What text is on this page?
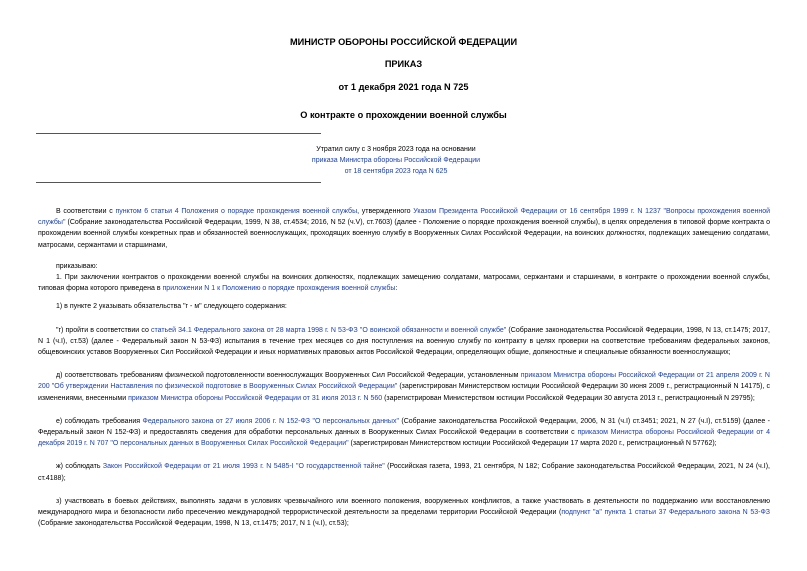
МИНИСТР ОБОРОНЫ РОССИЙСКОЙ ФЕДЕРАЦИИ
ПРИКАЗ
от 1 декабря 2021 года N 725
О контракте о прохождении военной службы
Утратил силу с 3 ноября 2023 года на основании
приказа Министра обороны Российской Федерации
от 18 сентября 2023 года N 625

В соответствии с пунктом 6 статьи 4 Положения о порядке прохождения военной службы, утвержденного Указом Президента Российской Федерации от 16 сентября 1999 г. N 1237 "Вопросы прохождения военной службы" (Собрание законодательства Российской Федерации, 1999, N 38, ст.4534; 2016, N 52 (ч.V), ст.7603) (далее - Положение о порядке прохождения военной службы), в целях определения в типовой форме контракта о прохождении военной службы конкретных прав и обязанностей военнослужащих, проходящих военную службу в Вооруженных Силах Российской Федерации, на воинских должностях, подлежащих замещению солдатами, матросами, сержантами и старшинами,

приказываю:

1. При заключении контрактов о прохождении военной службы на воинских должностях, подлежащих замещению солдатами, матросами, сержантами и старшинами, в контракте о прохождении военной службы, типовая форма которого приведена в приложении N 1 к Положению о порядке прохождения военной службы:

1) в пункте 2 указывать обязательства "г - м" следующего содержания:

"г) пройти в соответствии со статьей 34.1 Федерального закона от 28 марта 1998 г. N 53-ФЗ "О воинской обязанности и военной службе" (Собрание законодательства Российской Федерации, 1998, N 13, ст.1475; 2017, N 1 (ч.I), ст.53) (далее - Федеральный закон N 53-ФЗ) испытания в течение трех месяцев со дня поступления на военную службу по контракту в целях проверки на соответствие требованиям федеральных законов, общевоинских уставов Вооруженных Сил Российской Федерации и иных нормативных правовых актов Российской Федерации, определяющих общие, должностные и специальные обязанности военнослужащих;

д) соответствовать требованиям физической подготовленности военнослужащих Вооруженных Сил Российской Федерации, установленным приказом Министра обороны Российской Федерации от 21 апреля 2009 г. N 200 "Об утверждении Наставления по физической подготовке в Вооруженных Силах Российской Федерации" (зарегистрирован Министерством юстиции Российской Федерации 30 июня 2009 г., регистрационный N 14175), с изменениями, внесенными приказом Министра обороны Российской Федерации от 31 июля 2013 г. N 560 (зарегистрирован Министерством юстиции Российской Федерации 30 августа 2013 г., регистрационный N 29795);

е) соблюдать требования Федерального закона от 27 июля 2006 г. N 152-ФЗ "О персональных данных" (Собрание законодательства Российской Федерации, 2006, N 31 (ч.I) ст.3451; 2021, N 27 (ч.I), ст.5159) (далее - Федеральный закон N 152-ФЗ) и предоставлять сведения для обработки персональных данных в Вооруженных Силах Российской Федерации в соответствии с приказом Министра обороны Российской Федерации от 4 декабря 2019 г. N 707 "О персональных данных в Вооруженных Силах Российской Федерации" (зарегистрирован Министерством юстиции Российской Федерации 17 марта 2020 г., регистрационный N 57762);

ж) соблюдать Закон Российской Федерации от 21 июля 1993 г. N 5485-I "О государственной тайне" (Российская газета, 1993, 21 сентября, N 182; Собрание законодательства Российской Федерации, 2021, N 24 (ч.I), ст.4188);

з) участвовать в боевых действиях, выполнять задачи в условиях чрезвычайного или военного положения, вооруженных конфликтов, а также участвовать в деятельности по поддержанию или восстановлению международного мира и безопасности либо пресечению международной террористической деятельности за пределами территории Российской Федерации (подпункт "а" пункта 1 статьи 37 Федерального закона N 53-ФЗ (Собрание законодательства Российской Федерации, 1998, N 13, ст.1475; 2017, N 1 (ч.I), ст.53);
